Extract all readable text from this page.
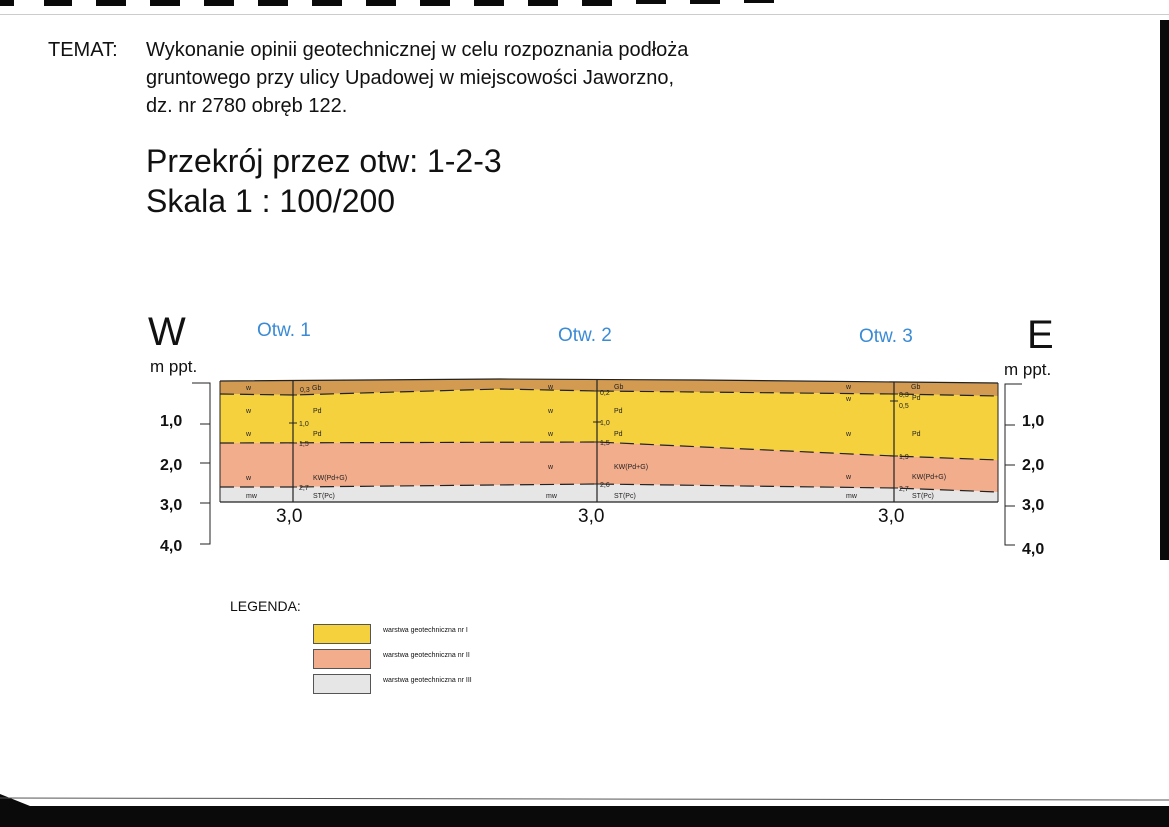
TEMAT:	Wykonanie opinii geotechnicznej w celu rozpoznania podłoża
gruntowego przy ulicy Upadowej w miejscowości Jaworzno,
dz. nr 2780 obręb 122.
Przekrój przez otw: 1-2-3
Skala 1 : 100/200
W	E
m ppt.	m ppt.
Otw. 1	Otw. 2	Otw. 3
0,3
1,0
1,5
2,7
Gb
Pd
Pd
KW(Pd+G)
ST(Pc)
w
w
w
w
mw
0,2
1,0
1,5
2,6
Gb
Pd
Pd
KW(Pd+G)
ST(Pc)
w
w
w
w
mw
0,3
0,5
1,9
2,7
Gb
Pd
Pd
KW(Pd+G)
ST(Pc)
w
w
w
w
mw
3,0	3,0	3,0
1,0
2,0
3,0
4,0
1,0
2,0
3,0
4,0
LEGENDA:
warstwa geotechniczna nr I
warstwa geotechniczna nr II
warstwa geotechniczna nr III
